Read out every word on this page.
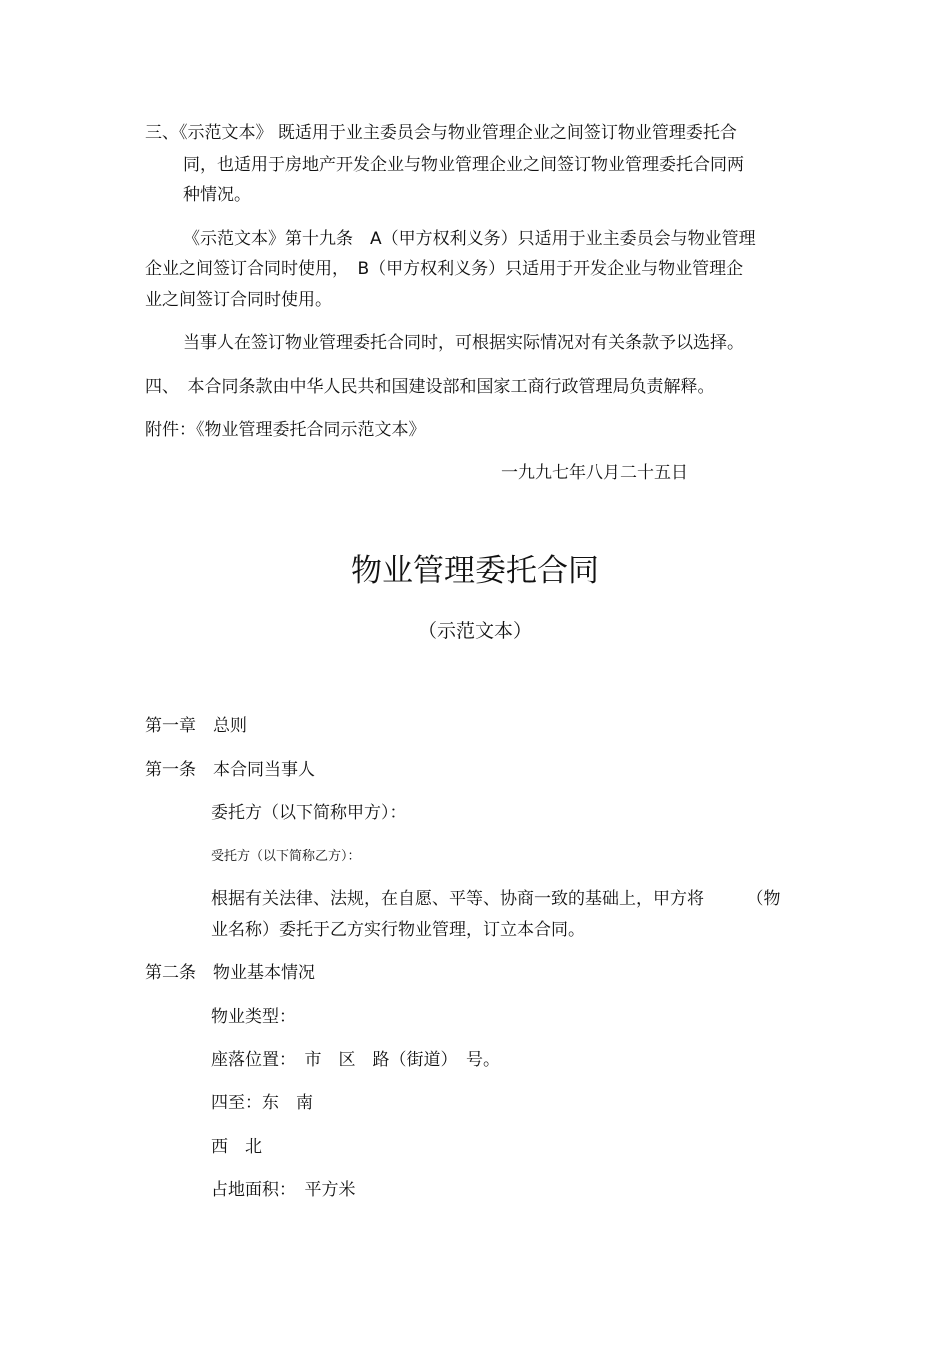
三、《示范文本》 既适用于业主委员会与物业管理企业之间签订物业管理委托合
同，也适用于房地产开发企业与物业管理企业之间签订物业管理委托合同两
种情况。
《示范文本》第十九条　A（甲方权利义务）只适用于业主委员会与物业管理
企业之间签订合同时使用，　B（甲方权利义务）只适用于开发企业与物业管理企
业之间签订合同时使用。
当事人在签订物业管理委托合同时，可根据实际情况对有关条款予以选择。
四、　本合同条款由中华人民共和国建设部和国家工商行政管理局负责解释。
附件：《物业管理委托合同示范文本》
一九九七年八月二十五日
物业管理委托合同
（示范文本）
第一章　总则
第一条　本合同当事人
委托方（以下简称甲方）：
受托方（以下简称乙方）：
根据有关法律、法规，在自愿、平等、协商一致的基础上，甲方将　　　（物
业名称）委托于乙方实行物业管理，订立本合同。
第二条　物业基本情况
物业类型：
座落位置：　市　区　路（街道）　号。
四至：东　南
西　北
占地面积：　平方米
